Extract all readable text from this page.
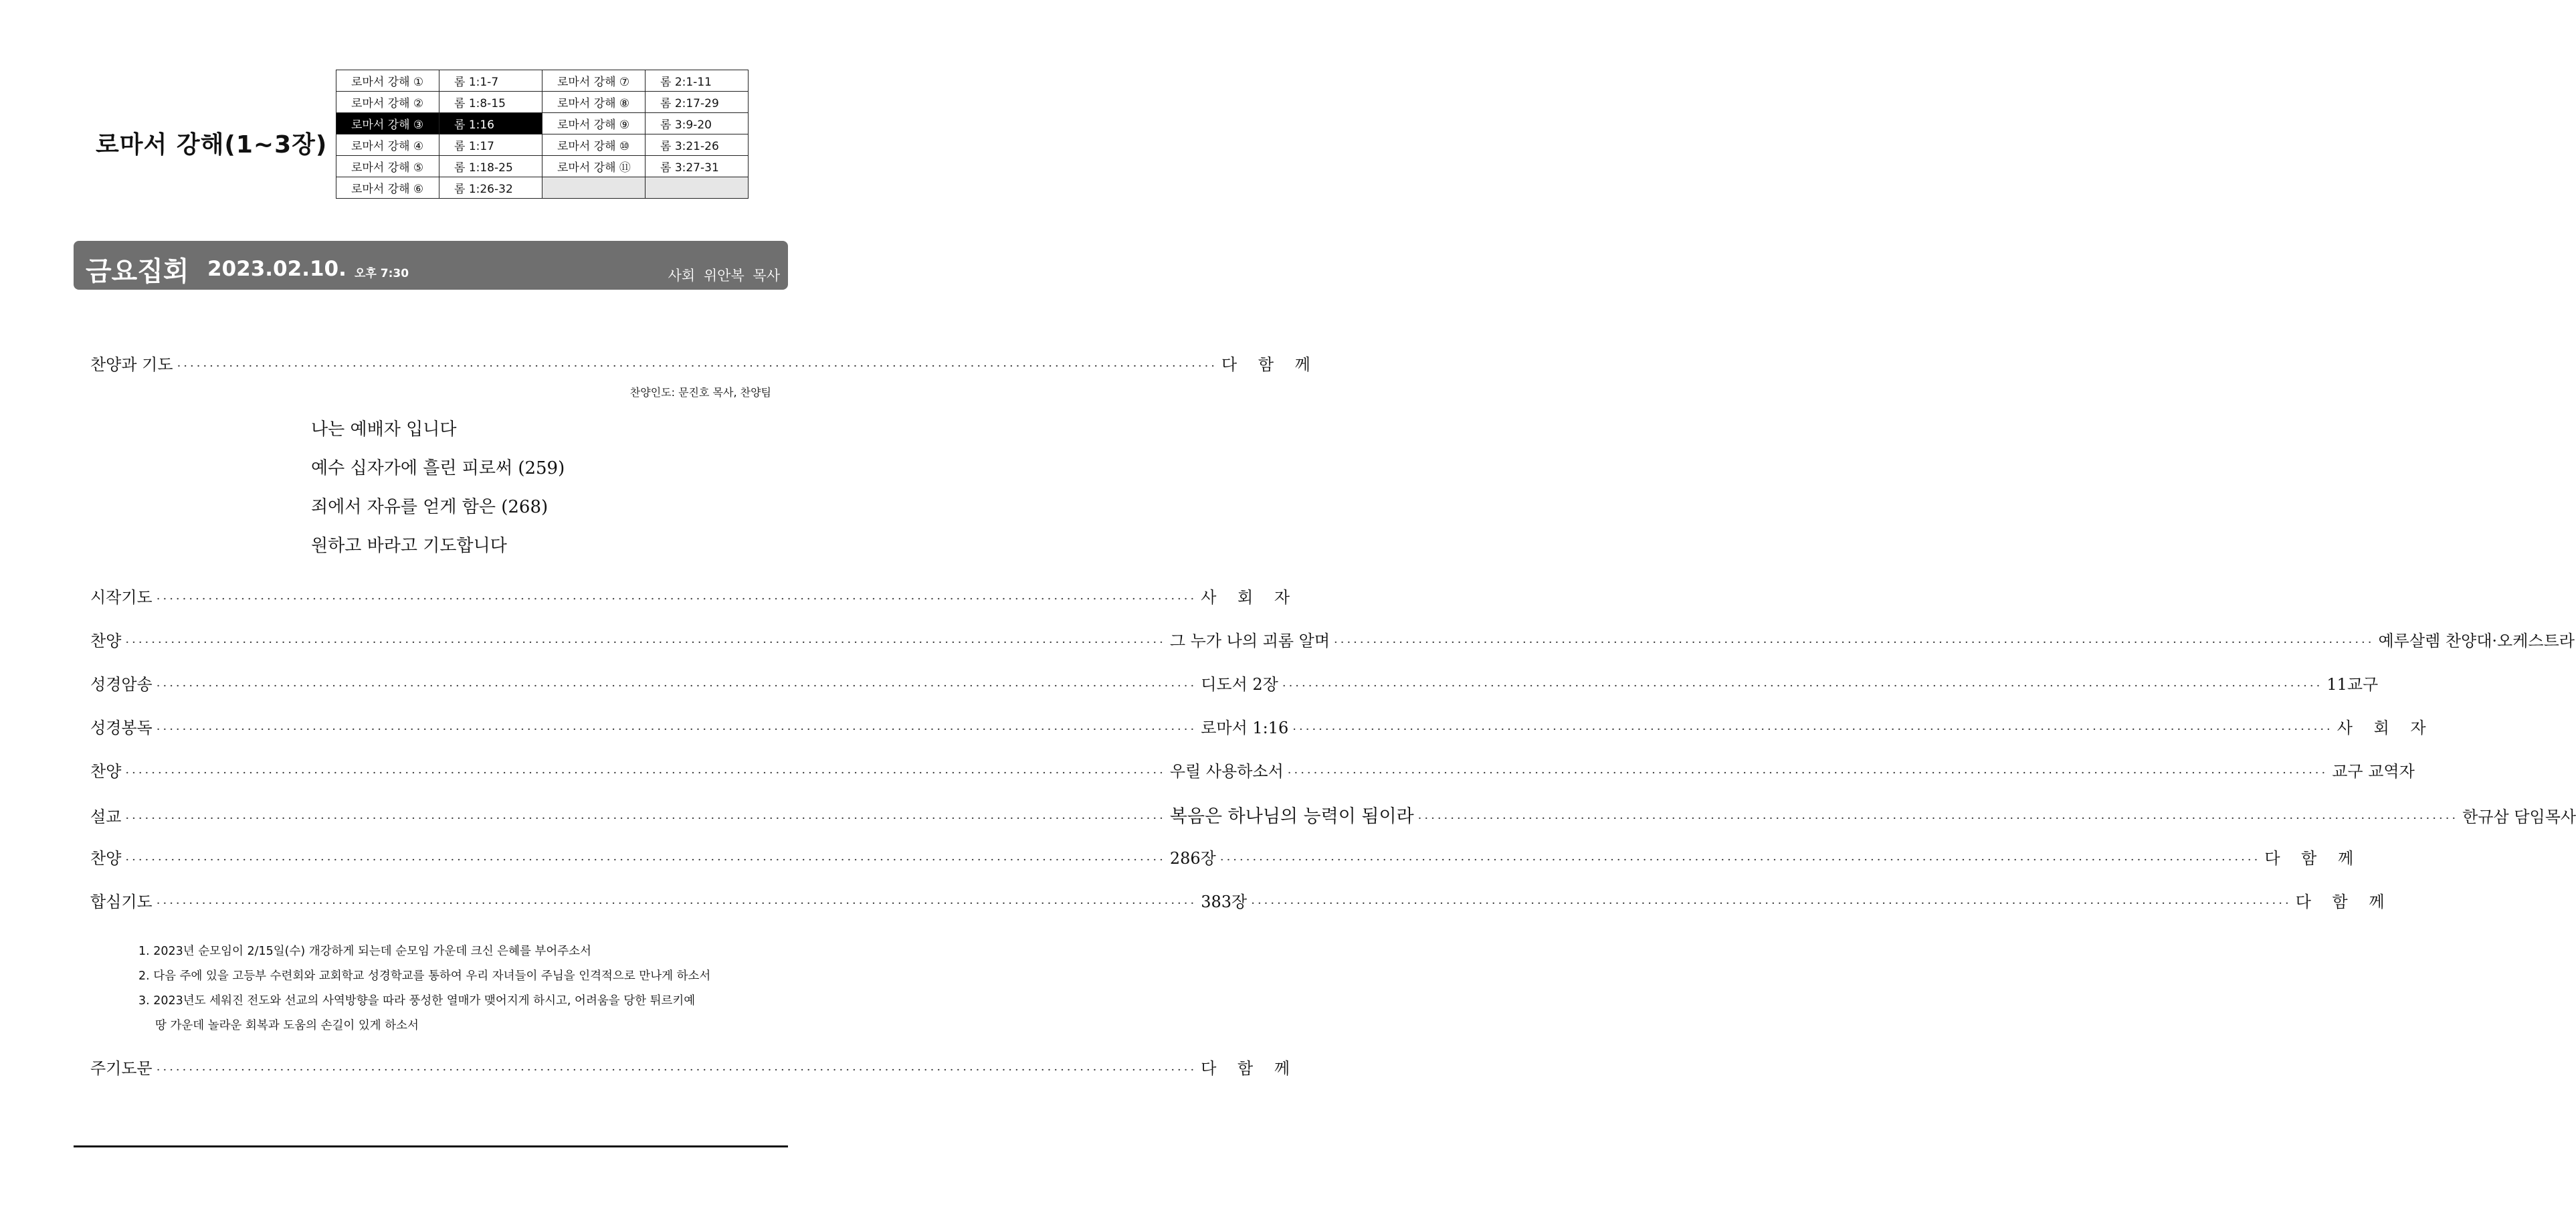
로마서 강해(1~3장)
로마서 강해 ①	롬 1:1-7	로마서 강해 ⑦	롬 2:1-11
로마서 강해 ②	롬 1:8-15	로마서 강해 ⑧	롬 2:17-29
로마서 강해 ③	롬 1:16	로마서 강해 ⑨	롬 3:9-20
로마서 강해 ④	롬 1:17	로마서 강해 ⑩	롬 3:21-26
로마서 강해 ⑤	롬 1:18-25	로마서 강해 ⑪	롬 3:27-31
로마서 강해 ⑥	롬 1:26-32		
금요집회 2023.02.10. 오후 7:30	사회 위안복 목사
찬양과 기도 ································································································································································ 다 함 께
찬양인도: 문진호 목사, 찬양팀
나는 예배자 입니다
예수 십자가에 흘린 피로써 (259)
죄에서 자유를 얻게 함은 (268)
원하고 바라고 기도합니다
시작기도 ································································································································································ 사 회 자
찬 양 ································································································································································ 그 누가 나의 괴롬 알며 ································································································································································ 예루살렘 찬양대·오케스트라
성경암송 ································································································································································ 디도서 2장 ································································································································································ 11교구
성경봉독 ································································································································································ 로마서 1:16 ································································································································································ 사 회 자
찬 양 ································································································································································ 우릴 사용하소서 ································································································································································ 교구 교역자
설 교 ································································································································································ 복음은 하나님의 능력이 됨이라 ································································································································································ 한규삼 담임목사
찬 양 ································································································································································ 286장 ································································································································································ 다 함 께
합심기도 ································································································································································ 383장 ································································································································································ 다 함 께
1. 2023년 순모임이 2/15일(수) 개강하게 되는데 순모임 가운데 크신 은혜를 부어주소서
2. 다음 주에 있을 고등부 수련회와 교회학교 성경학교를 통하여 우리 자녀들이 주님을 인격적으로 만나게 하소서
3. 2023년도 세워진 전도와 선교의 사역방향을 따라 풍성한 열매가 맺어지게 하시고, 어려움을 당한 튀르키예
땅 가운데 놀라운 회복과 도움의 손길이 있게 하소서
주기도문 ································································································································································ 다 함 께
